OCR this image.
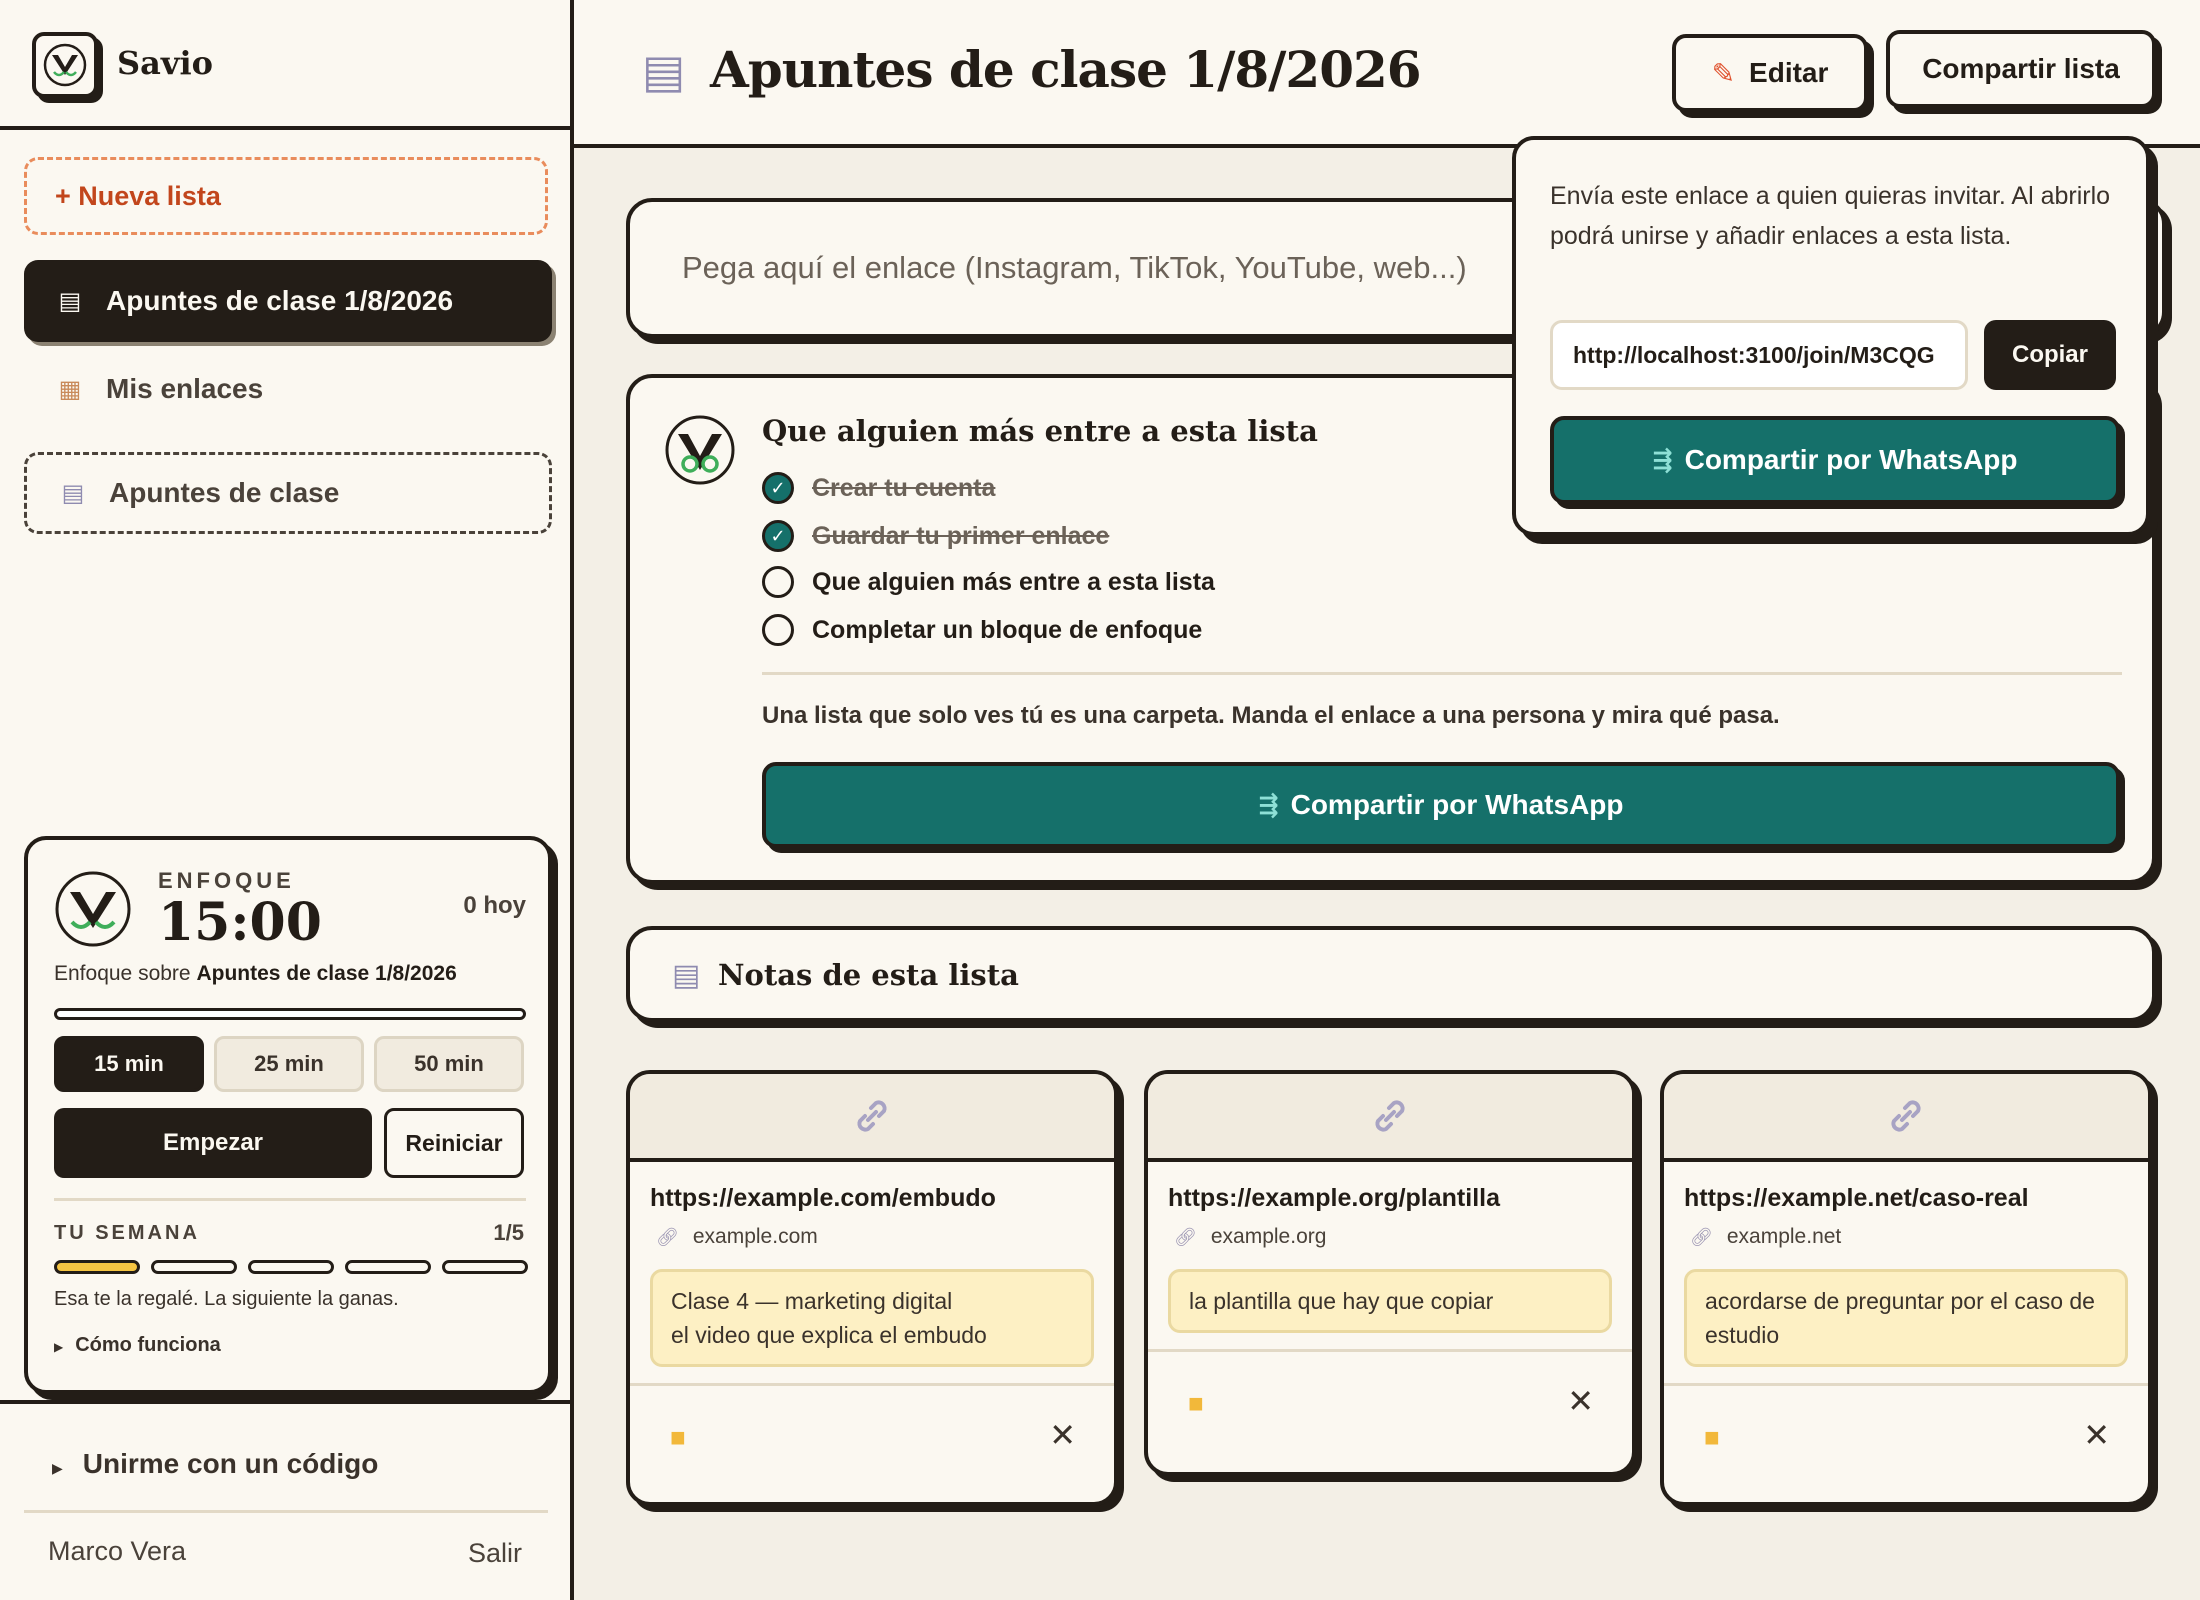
Savio
+ Nueva lista
▤ Apuntes de clase 1/8/2026
▦ Mis enlaces
▤ Apuntes de clase
ENFOQUE
15:00	0 hoy
Enfoque sobre Apuntes de clase 1/8/2026
15 min	25 min	50 min
Empezar	Reiniciar
TU SEMANA	1/5
Esa te la regalé. La siguiente la ganas.
▶ Cómo funciona
▶ Unirme con un código
Marco Vera	Salir
▤ Apuntes de clase 1/8/2026	✎ Editar	Compartir lista
Pega aquí el enlace (Instagram, TikTok, YouTube, web...)
Que alguien más entre a esta lista
✓	Crear tu cuenta
✓	Guardar tu primer enlace
Que alguien más entre a esta lista
Completar un bloque de enfoque

Una lista que solo ves tú es una carpeta. Manda el enlace a una persona y mira qué pasa.

⇶ Compartir por WhatsApp
▤ Notas de esta lista
https://example.com/embudo
🔗︎ example.com
Clase 4 — marketing digital
el video que explica el embudo
■	✕
https://example.org/plantilla
🔗︎ example.org
la plantilla que hay que copiar
■	✕
https://example.net/caso-real
🔗︎ example.net
acordarse de preguntar por el caso de
estudio
■	✕

Envía este enlace a quien quieras invitar. Al abrirlo podrá unirse y añadir enlaces a esta lista.

http://localhost:3100/join/M3CQG
Copiar
⇶ Compartir por WhatsApp
